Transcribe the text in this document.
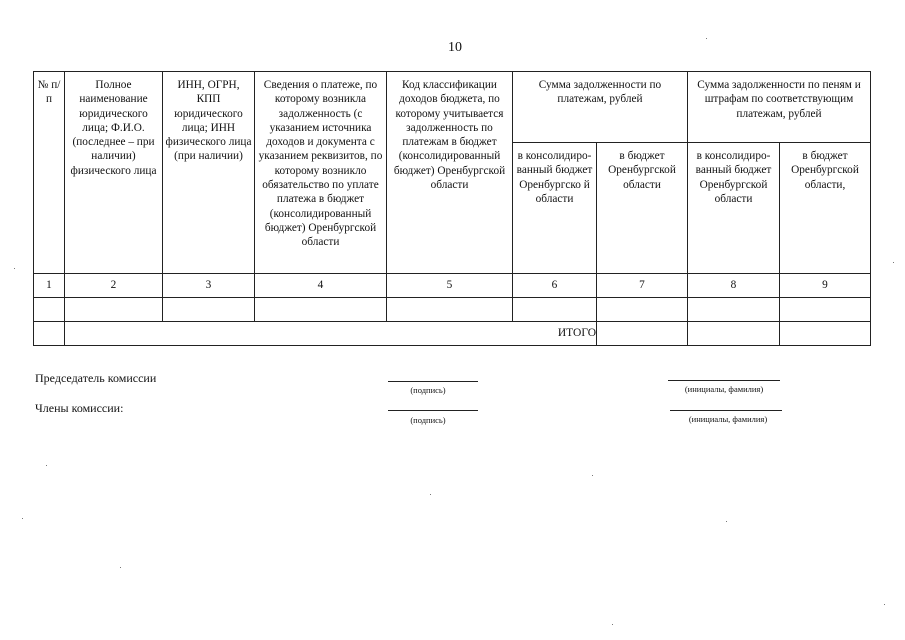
10
№ п/п	Полное наименование юридического лица; Ф.И.О. (последнее – при наличии) физического лица	ИНН, ОГРН, КПП юридического лица; ИНН физического лица (при наличии)	Сведения о платеже, по которому возникла задолженность (с указанием источника доходов и документа с указанием реквизитов, по которому возникло обязательство по уплате платежа в бюджет (консолидированный бюджет) Оренбургской области	Код классификации доходов бюджета, по которому учитывается задолженность по платежам в бюджет (консолидированный бюджет) Оренбургской области	Сумма задолженности по платежам, рублей		Сумма задолженности по пеням и штрафам по соответствующим платежам, рублей	
					в консолидиро-ванный бюджет Оренбургско й области	в бюджет Оренбургской области	в консолидиро-ванный бюджет Оренбургской области	в бюджет Оренбургской области,
1	2	3	4	5	6	7	8	9

	ИТОГО							
Председатель комиссии
(подпись)	(инициалы, фамилия)
Члены комиссии:
(подпись)	(инициалы, фамилия)
